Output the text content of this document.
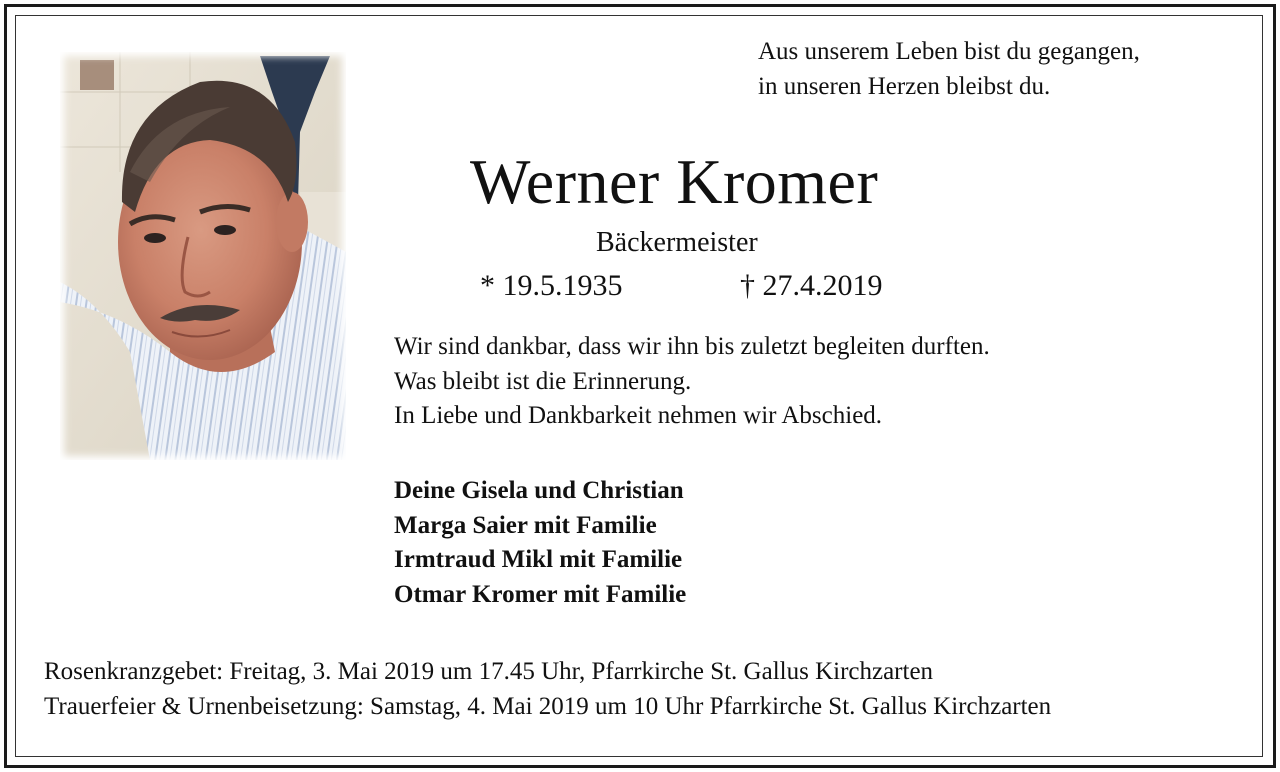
Aus unserem Leben bist du gegangen,
in unseren Herzen bleibst du.
Werner Kromer
Bäckermeister
* 19.5.1935	† 27.4.2019
Wir sind dankbar, dass wir ihn bis zuletzt begleiten durften.
Was bleibt ist die Erinnerung.
In Liebe und Dankbarkeit nehmen wir Abschied.
Deine Gisela und Christian
Marga Saier mit Familie
Irmtraud Mikl mit Familie
Otmar Kromer mit Familie
Rosenkranzgebet: Freitag, 3. Mai 2019 um 17.45 Uhr, Pfarrkirche St. Gallus Kirchzarten
Trauerfeier & Urnenbeisetzung: Samstag, 4. Mai 2019 um 10 Uhr Pfarrkirche St. Gallus Kirchzarten
